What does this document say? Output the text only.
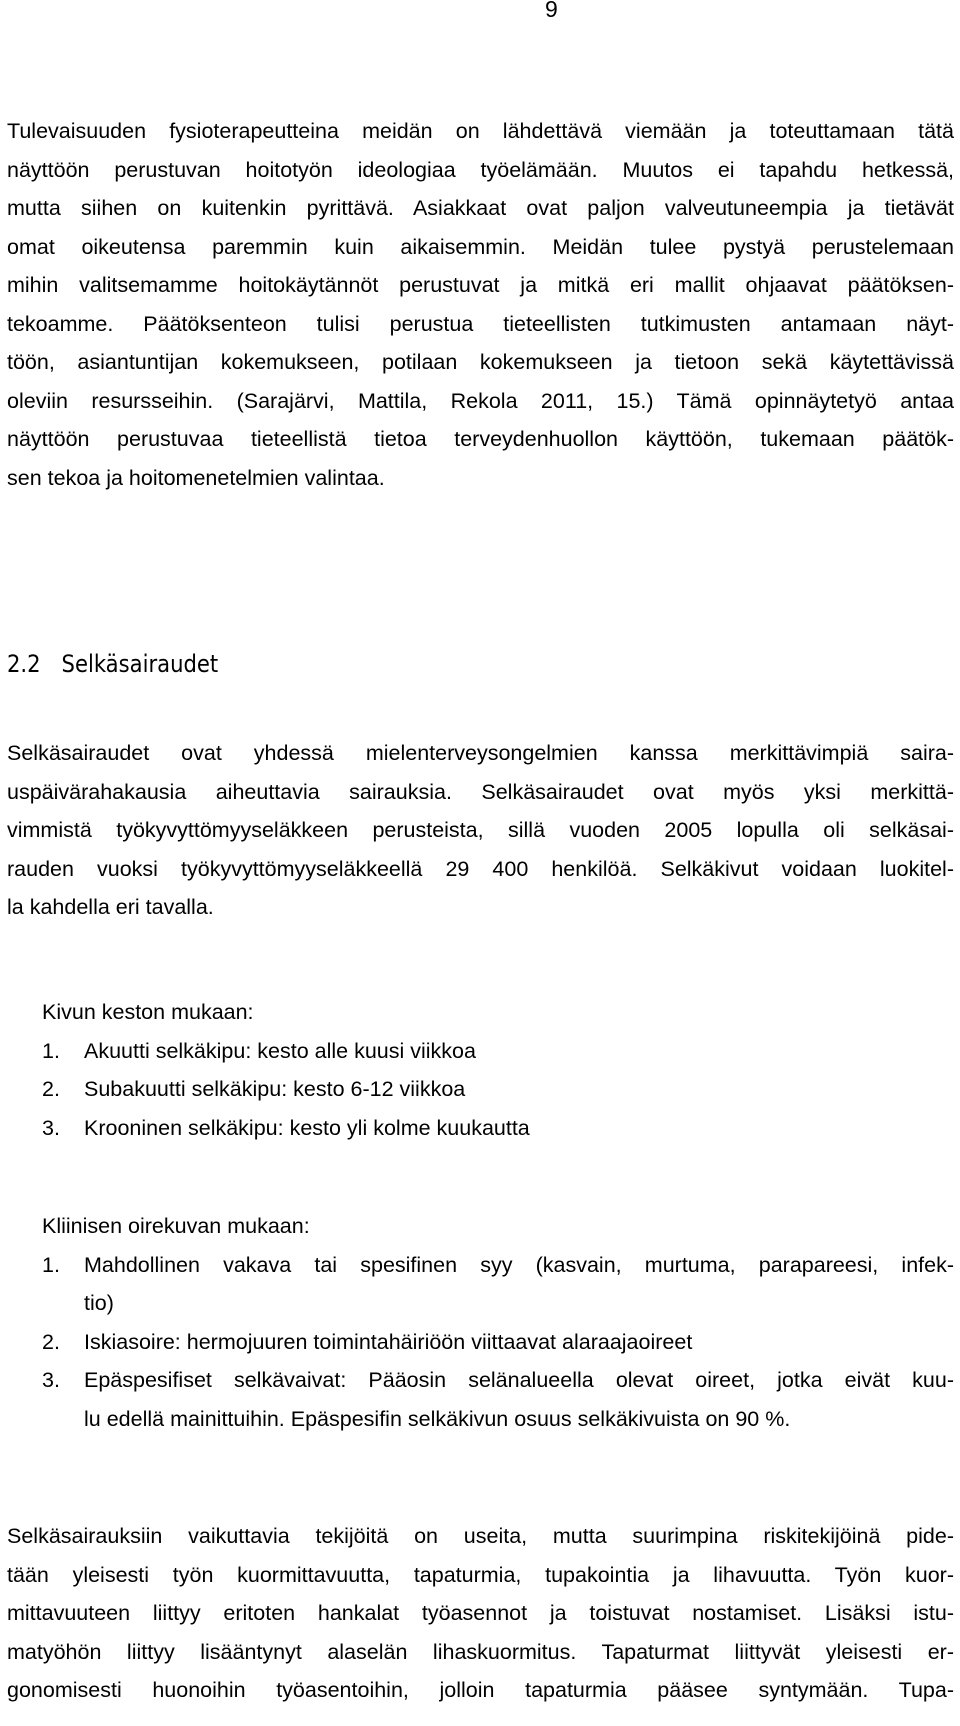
9
Tulevaisuuden fysioterapeutteina meidän on lähdettävä viemään ja toteuttamaan tätä
näyttöön perustuvan hoitotyön ideologiaa työelämään. Muutos ei tapahdu hetkessä,
mutta siihen on kuitenkin pyrittävä. Asiakkaat ovat paljon valveutuneempia ja tietävät
omat oikeutensa paremmin kuin aikaisemmin. Meidän tulee pystyä perustelemaan
mihin valitsemamme hoitokäytännöt perustuvat ja mitkä eri mallit ohjaavat päätöksen-
tekoamme. Päätöksenteon tulisi perustua tieteellisten tutkimusten antamaan näyt-
töön, asiantuntijan kokemukseen, potilaan kokemukseen ja tietoon sekä käytettävissä
oleviin resursseihin. (Sarajärvi, Mattila, Rekola 2011, 15.) Tämä opinnäytetyö antaa
näyttöön perustuvaa tieteellistä tietoa terveydenhuollon käyttöön, tukemaan päätök-
sen tekoa ja hoitomenetelmien valintaa.
2.2 Selkäsairaudet
Selkäsairaudet ovat yhdessä mielenterveysongelmien kanssa merkittävimpiä saira-
uspäivärahakausia aiheuttavia sairauksia. Selkäsairaudet ovat myös yksi merkittä-
vimmistä työkyvyttömyyseläkkeen perusteista, sillä vuoden 2005 lopulla oli selkäsai-
rauden vuoksi työkyvyttömyyseläkkeellä 29 400 henkilöä. Selkäkivut voidaan luokitel-
la kahdella eri tavalla.
Kivun keston mukaan:
1.	Akuutti selkäkipu: kesto alle kuusi viikkoa
2.	Subakuutti selkäkipu: kesto 6-12 viikkoa
3.	Krooninen selkäkipu: kesto yli kolme kuukautta
Kliinisen oirekuvan mukaan:
1.	Mahdollinen vakava tai spesifinen syy (kasvain, murtuma, parapareesi, infek-
tio)
2.	Iskiasoire: hermojuuren toimintahäiriöön viittaavat alaraajaoireet
3.	Epäspesifiset selkävaivat: Pääosin selänalueella olevat oireet, jotka eivät kuu-
lu edellä mainittuihin. Epäspesifin selkäkivun osuus selkäkivuista on 90 %.
Selkäsairauksiin vaikuttavia tekijöitä on useita, mutta suurimpina riskitekijöinä pide-
tään yleisesti työn kuormittavuutta, tapaturmia, tupakointia ja lihavuutta. Työn kuor-
mittavuuteen liittyy eritoten hankalat työasennot ja toistuvat nostamiset. Lisäksi istu-
matyöhön liittyy lisääntynyt alaselän lihaskuormitus. Tapaturmat liittyvät yleisesti er-
gonomisesti huonoihin työasentoihin, jolloin tapaturmia pääsee syntymään. Tupa-
